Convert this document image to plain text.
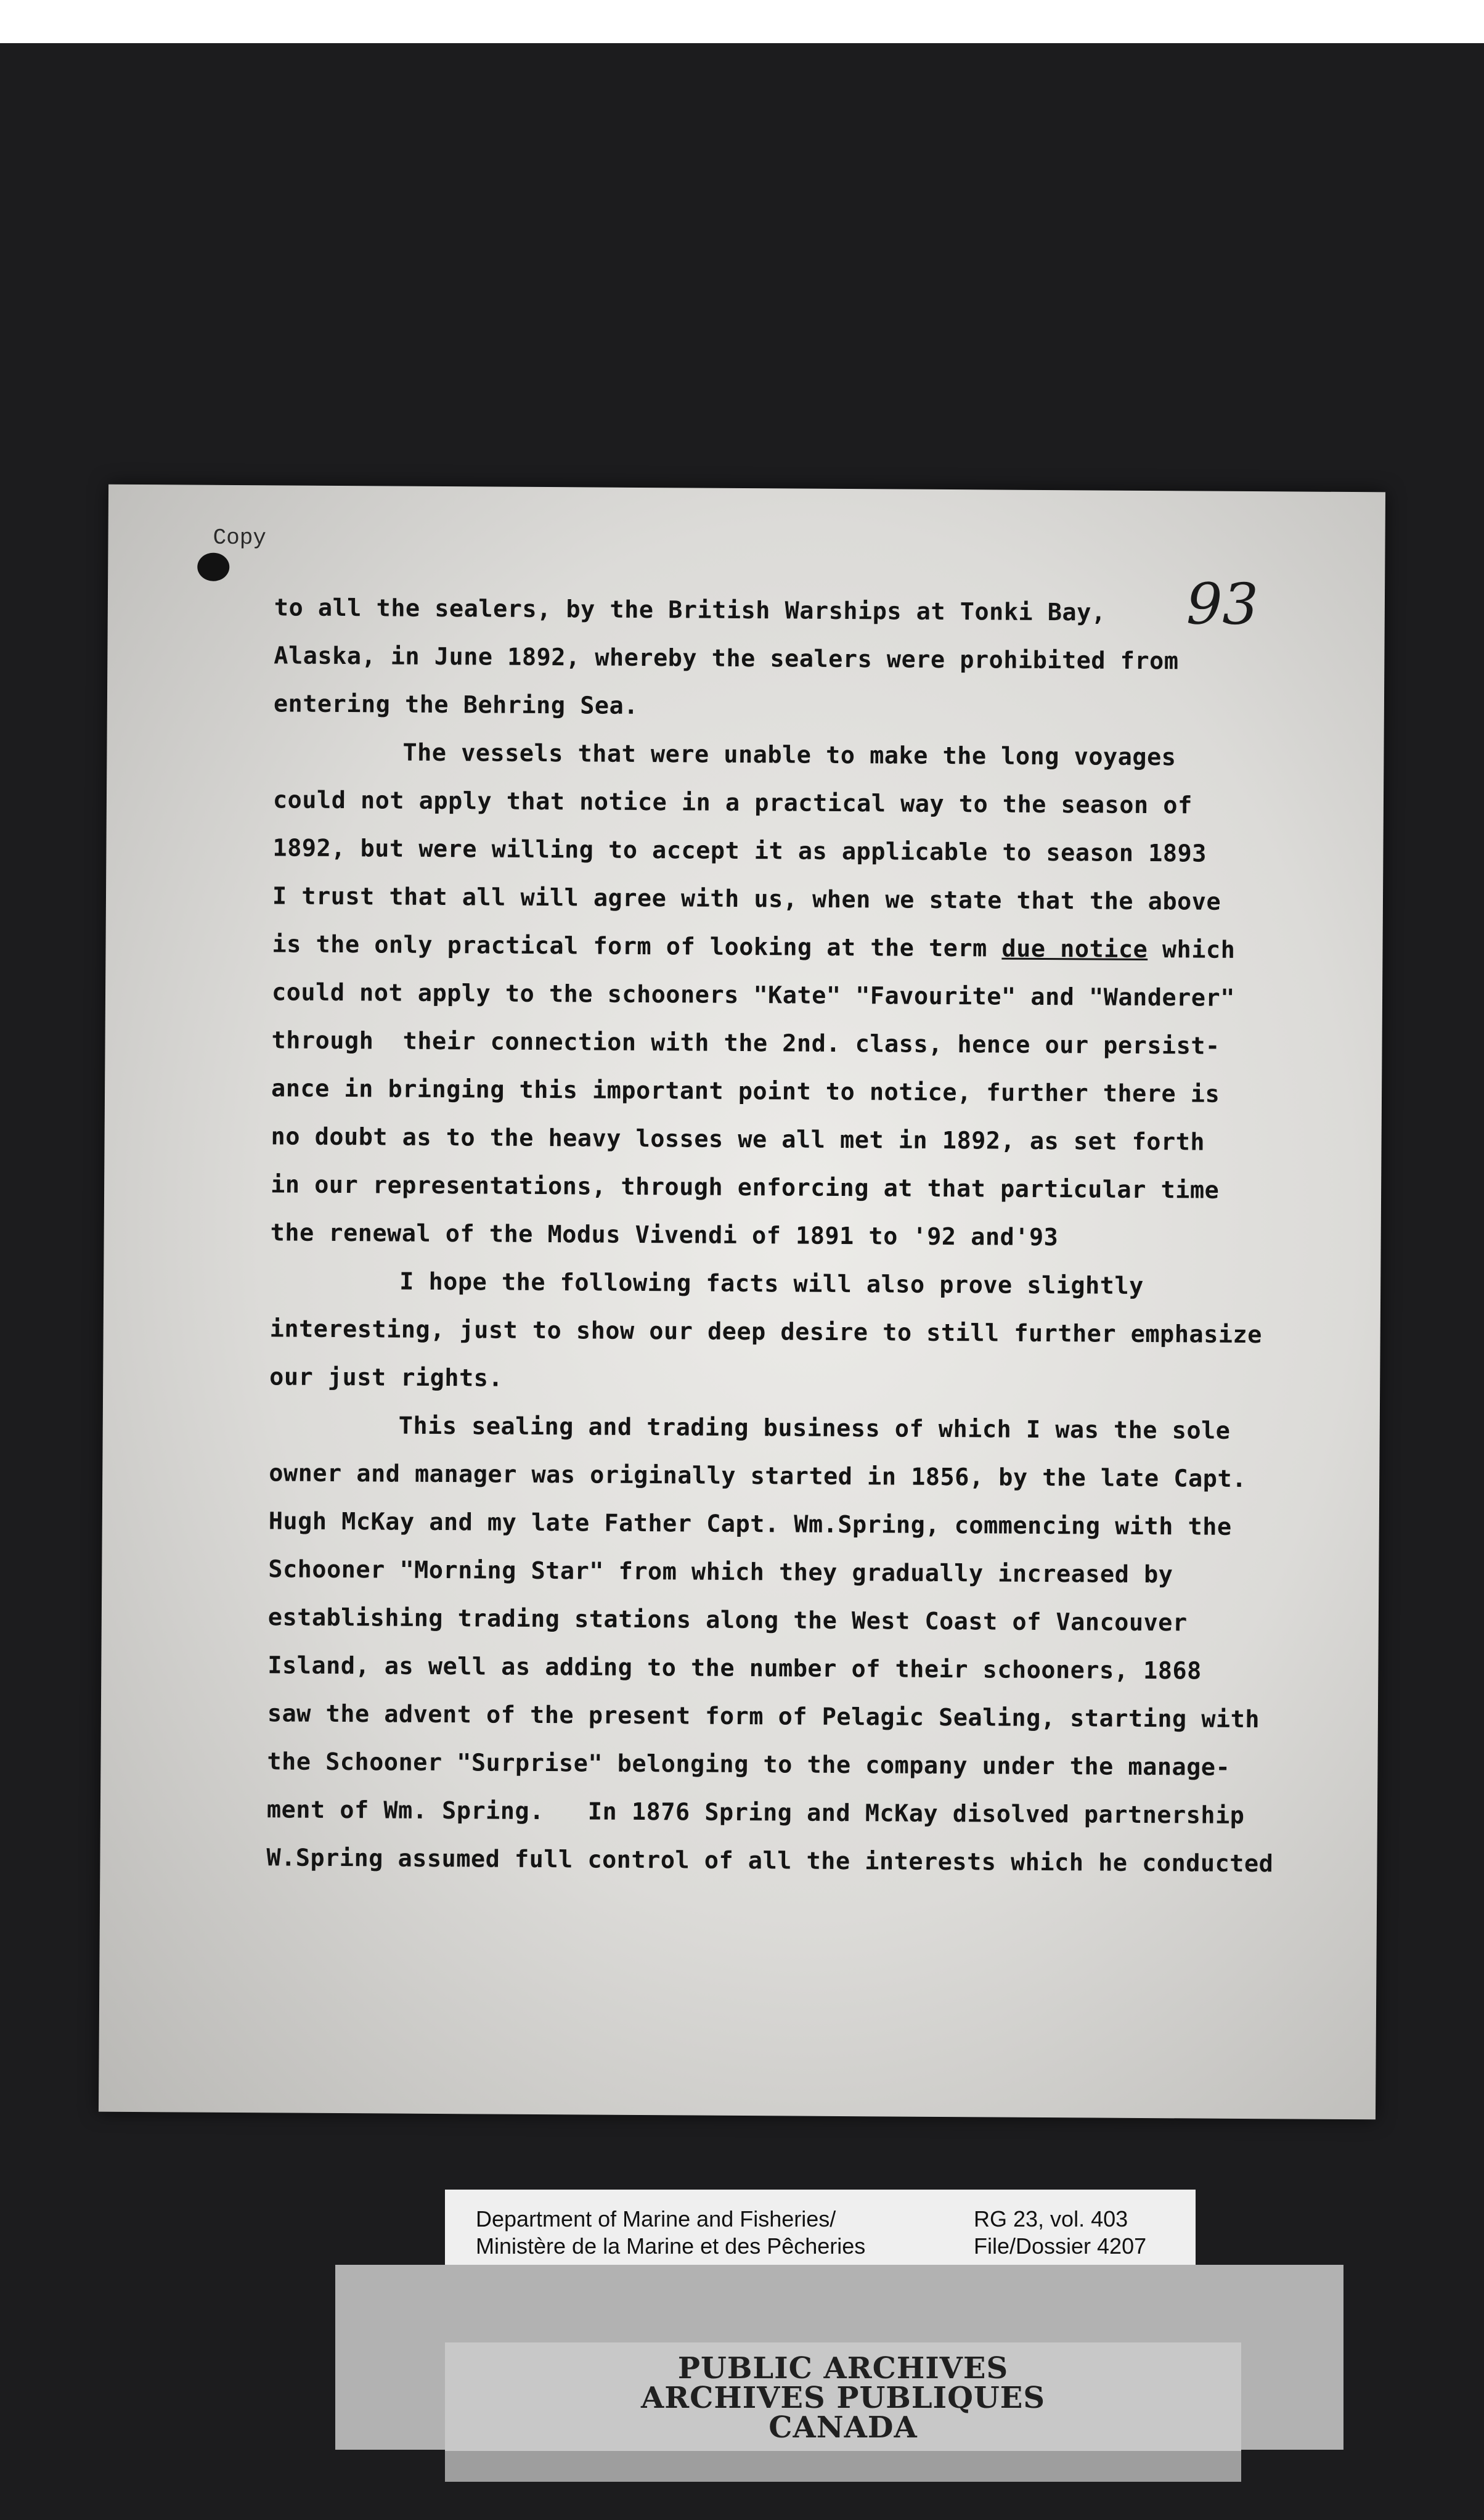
Copy
93
to all the sealers, by the British Warships at Tonki Bay,
Alaska, in June 1892, whereby the sealers were prohibited from
entering the Behring Sea.
The vessels that were unable to make the long voyages
could not apply that notice in a practical way to the season of
1892, but were willing to accept it as applicable to season 1893
I trust that all will agree with us, when we state that the above
is the only practical form of looking at the term due notice which
could not apply to the schooners "Kate" "Favourite" and "Wanderer"
through  their connection with the 2nd. class, hence our persist-
ance in bringing this important point to notice, further there is
no doubt as to the heavy losses we all met in 1892, as set forth
in our representations, through enforcing at that particular time
the renewal of the Modus Vivendi of 1891 to '92 and'93
I hope the following facts will also prove slightly
interesting, just to show our deep desire to still further emphasize
our just rights.
This sealing and trading business of which I was the sole
owner and manager was originally started in 1856, by the late Capt.
Hugh McKay and my late Father Capt. Wm.Spring, commencing with the
Schooner "Morning Star" from which they gradually increased by
establishing trading stations along the West Coast of Vancouver
Island, as well as adding to the number of their schooners, 1868
saw the advent of the present form of Pelagic Sealing, starting with
the Schooner "Surprise" belonging to the company under the manage-
ment of Wm. Spring.   In 1876 Spring and McKay disolved partnership
W.Spring assumed full control of all the interests which he conducted
Department of Marine and Fisheries/
Ministère de la Marine et des Pêcheries
RG 23, vol. 403
File/Dossier 4207
PUBLIC ARCHIVES
ARCHIVES PUBLIQUES
CANADA
